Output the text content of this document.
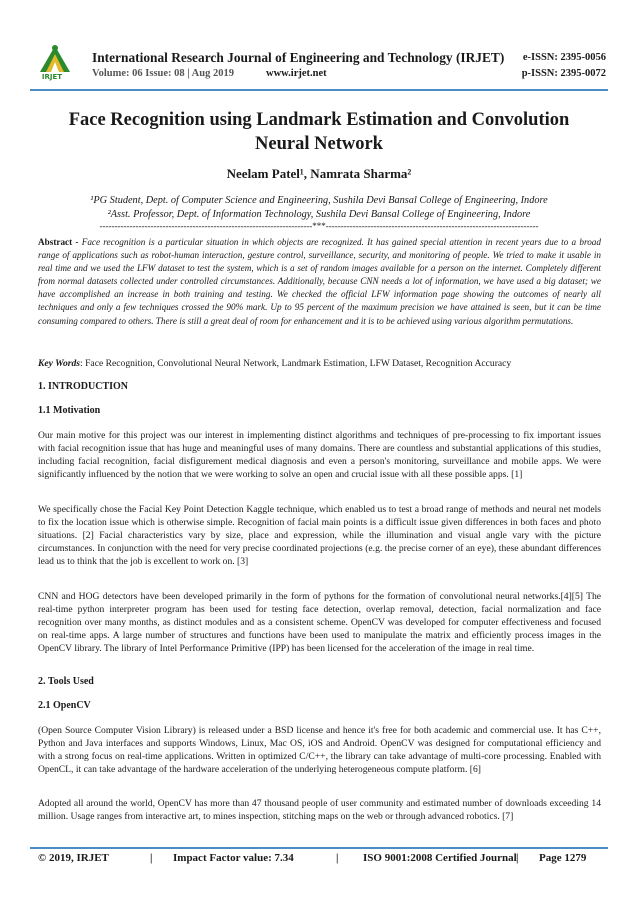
IRJET
International Research Journal of Engineering and Technology (IRJET)
Volume: 06 Issue: 08 | Aug 2019	www.irjet.net
e-ISSN: 2395-0056
p-ISSN: 2395-0072
Face Recognition using Landmark Estimation and Convolution Neural Network
Neelam Patel¹, Namrata Sharma²
¹PG Student, Dept. of Computer Science and Engineering, Sushila Devi Bansal College of Engineering, Indore
²Asst. Professor, Dept. of Information Technology, Sushila Devi Bansal College of Engineering, Indore
-----------------------------------------------------------------------***-----------------------------------------------------------------------
Abstract - Face recognition is a particular situation in which objects are recognized. It has gained special attention in recent years due to a broad range of applications such as robot-human interaction, gesture control, surveillance, security, and monitoring of people. We tried to make it usable in real time and we used the LFW dataset to test the system, which is a set of random images available for a person on the internet. Completely different from normal datasets collected under controlled circumstances. Additionally, because CNN needs a lot of information, we have used a big dataset; we have accomplished an increase in both training and testing. We checked the official LFW information page showing the outcomes of nearly all techniques and only a few techniques crossed the 90% mark. Up to 95 percent of the maximum precision we have attained is seen, but it can be time consuming compared to others. There is still a great deal of room for enhancement and it is to be achieved using various algorithm permutations.
Key Words: Face Recognition, Convolutional Neural Network, Landmark Estimation, LFW Dataset, Recognition Accuracy
1. INTRODUCTION
1.1 Motivation
Our main motive for this project was our interest in implementing distinct algorithms and techniques of pre-processing to fix important issues with facial recognition issue that has huge and meaningful uses of many domains. There are countless and substantial applications of this studies, including facial recognition, facial disfigurement medical diagnosis and even a person's monitoring, surveillance and mobile apps. We were significantly influenced by the notion that we were working to solve an open and crucial issue with all these possible apps. [1]
We specifically chose the Facial Key Point Detection Kaggle technique, which enabled us to test a broad range of methods and neural net models to fix the location issue which is otherwise simple. Recognition of facial main points is a difficult issue given differences in both faces and photo situations. [2] Facial characteristics vary by size, place and expression, while the illumination and visual angle vary with the picture circumstances. In conjunction with the need for very precise coordinated projections (e.g. the precise corner of an eye), these abundant differences lead us to think that the job is excellent to work on. [3]
CNN and HOG detectors have been developed primarily in the form of pythons for the formation of convolutional neural networks.[4][5] The real-time python interpreter program has been used for testing face detection, overlap removal, detection, facial normalization and face recognition over many months, as distinct modules and as a consistent scheme. OpenCV was developed for computer effectiveness and focused on real-time apps. A large number of structures and functions have been used to manipulate the matrix and efficiently process images in the OpenCV library. The library of Intel Performance Primitive (IPP) has been licensed for the acceleration of the image in real time.
2. Tools Used
2.1 OpenCV
(Open Source Computer Vision Library) is released under a BSD license and hence it's free for both academic and commercial use. It has C++, Python and Java interfaces and supports Windows, Linux, Mac OS, iOS and Android. OpenCV was designed for computational efficiency and with a strong focus on real-time applications. Written in optimized C/C++, the library can take advantage of multi-core processing. Enabled with OpenCL, it can take advantage of the hardware acceleration of the underlying heterogeneous compute platform. [6]
Adopted all around the world, OpenCV has more than 47 thousand people of user community and estimated number of downloads exceeding 14 million. Usage ranges from interactive art, to mines inspection, stitching maps on the web or through advanced robotics. [7]
© 2019, IRJET	| Impact Factor value: 7.34	| ISO 9001:2008 Certified Journal | Page 1279
